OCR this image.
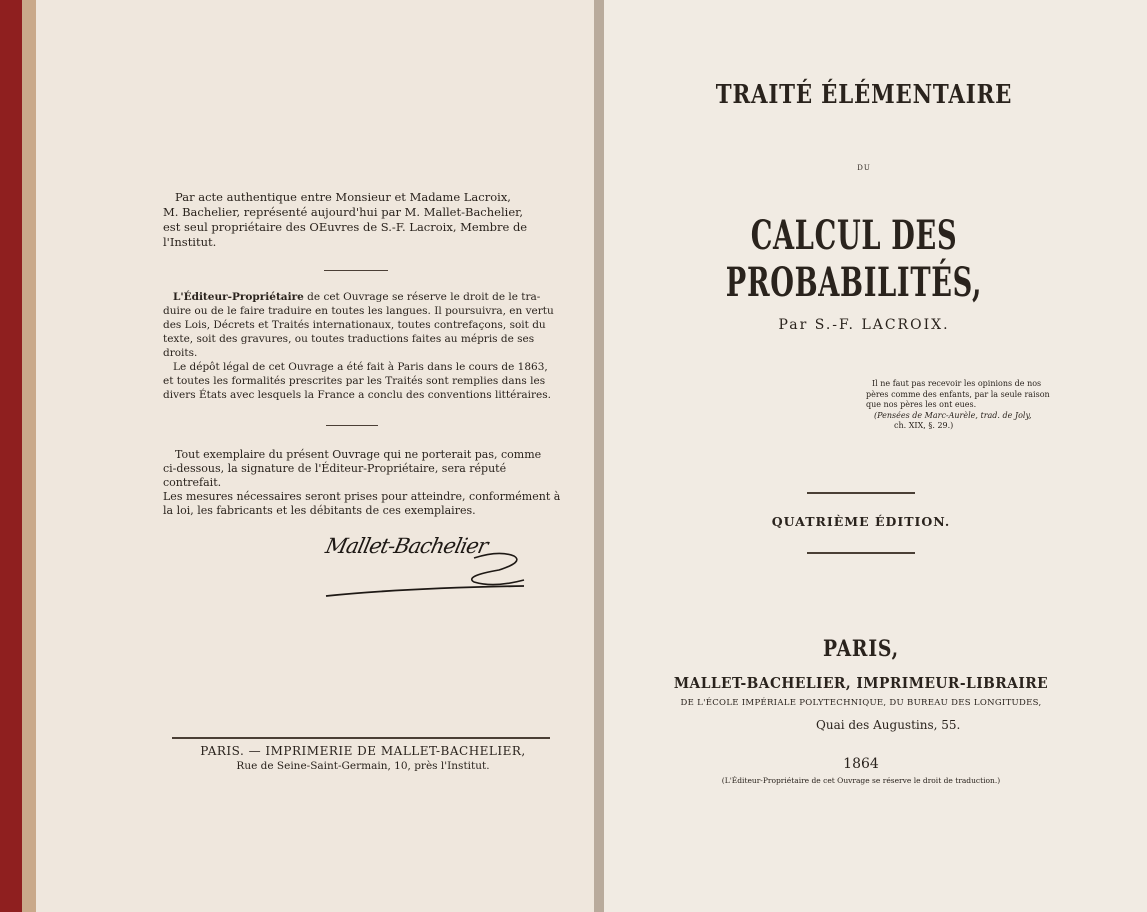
Par acte authentique entre Monsieur et Madame Lacroix,
M. Bachelier, représenté aujourd'hui par M. Mallet-Bachelier,
est seul propriétaire des OEuvres de S.-F. Lacroix, Membre de
l'Institut.
L'Éditeur-Propriétaire de cet Ouvrage se réserve le droit de le tra-
duire ou de le faire traduire en toutes les langues. Il poursuivra, en vertu
des Lois, Décrets et Traités internationaux, toutes contrefaçons, soit du
texte, soit des gravures, ou toutes traductions faites au mépris de ses
droits.
Le dépôt légal de cet Ouvrage a été fait à Paris dans le cours de 1863,
et toutes les formalités prescrites par les Traités sont remplies dans les
divers États avec lesquels la France a conclu des conventions littéraires.
Tout exemplaire du présent Ouvrage qui ne porterait pas, comme
ci-dessous, la signature de l'Éditeur-Propriétaire, sera réputé contrefait.
Les mesures nécessaires seront prises pour atteindre, conformément à
la loi, les fabricants et les débitants de ces exemplaires.
Mallet-Bachelier
PARIS. — IMPRIMERIE DE MALLET-BACHELIER,
Rue de Seine-Saint-Germain, 10, près l'Institut.
TRAITÉ ÉLÉMENTAIRE
DU
CALCUL DES PROBABILITÉS,
Par S.-F. LACROIX.
Il ne faut pas recevoir les opinions de nos
pères comme des enfants, par la seule raison
que nos pères les ont eues.
(Pensées de Marc-Aurèle, trad. de Joly,
ch. XIX, §. 29.)
QUATRIÈME ÉDITION.
PARIS,
MALLET-BACHELIER, IMPRIMEUR-LIBRAIRE
DE L'ÉCOLE IMPÉRIALE POLYTECHNIQUE, DU BUREAU DES LONGITUDES,
Quai des Augustins, 55.
1864
(L'Éditeur-Propriétaire de cet Ouvrage se réserve le droit de traduction.)
